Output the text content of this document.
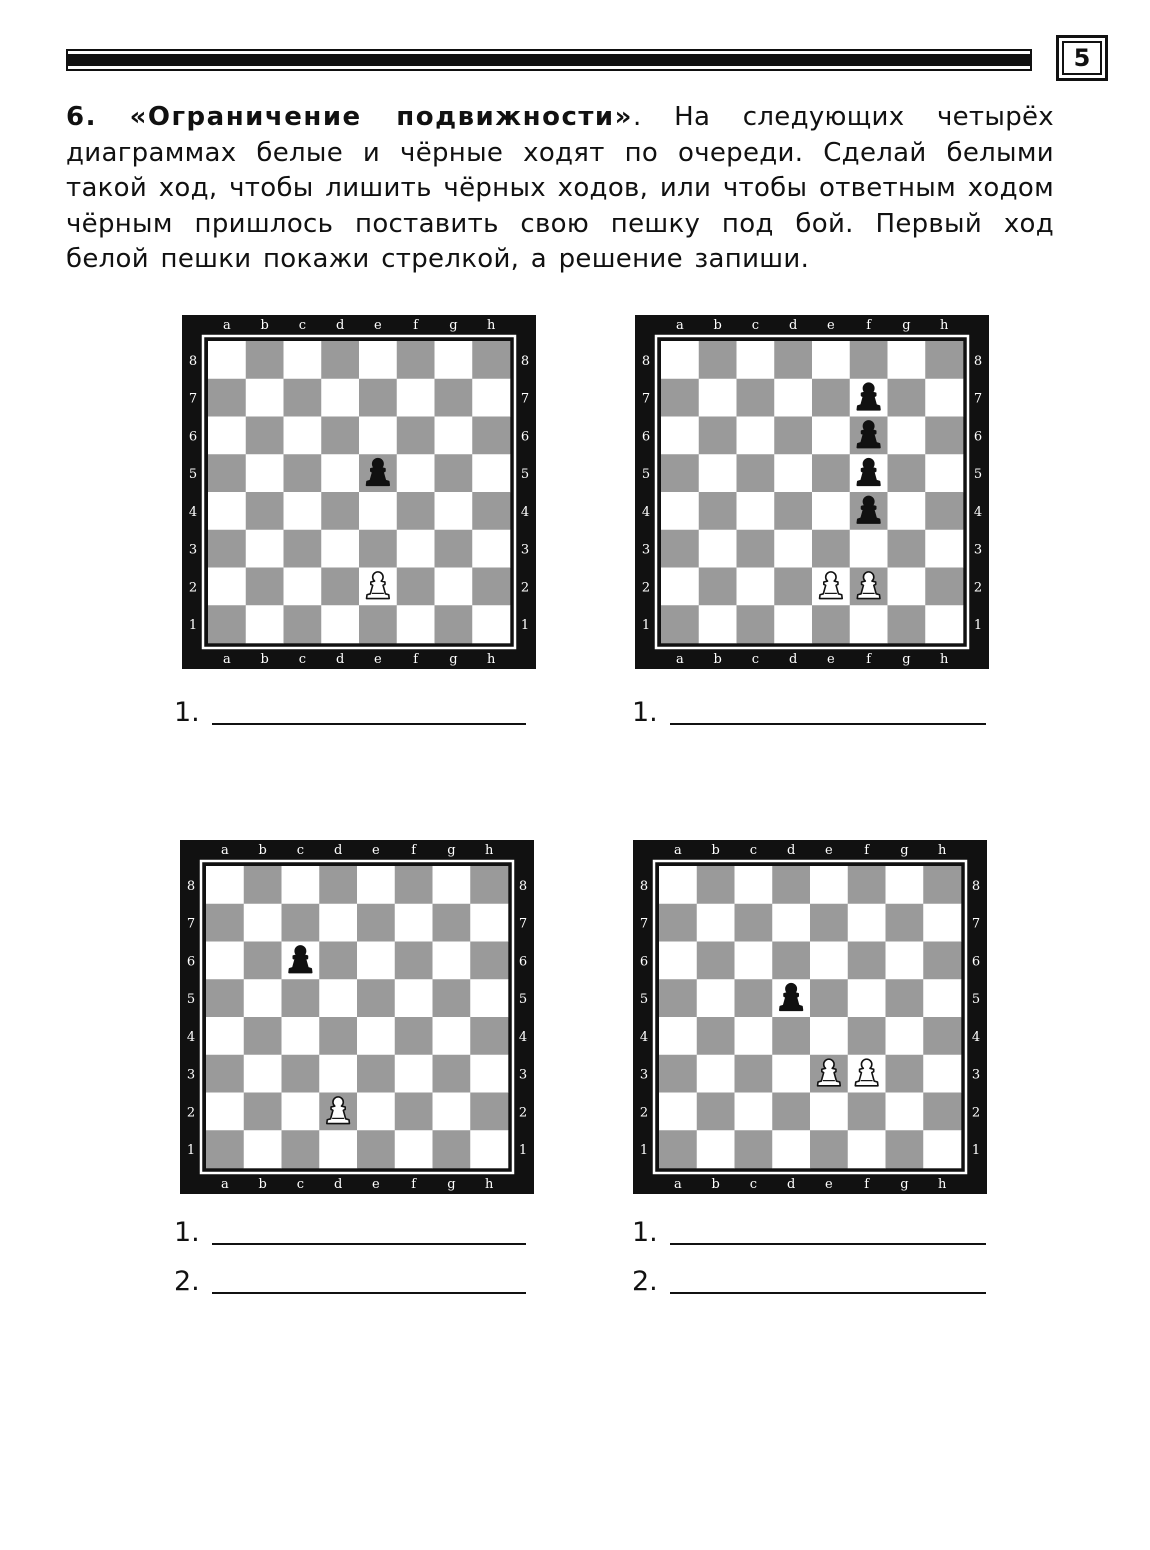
5
6. «Ограничение подвижности». На следующих четырёх диаграммах белые и чёрные ходят по очереди. Сделай белыми такой ход, чтобы лишить чёрных ходов, или чтобы ответным ходом чёрным пришлось поставить свою пешку под бой. Первый ход белой пешки покажи стрелкой, а решение запиши.
a
a
b
b
c
c
d
d
e
e
f
f
g
g
h
h
8	8
7	7
6	6
5	5
4	4
3	3
2	2
1	1
a
a
b
b
c
c
d
d
e
e
f
f
g
g
h
h
8	8
7	7
6	6
5	5
4	4
3	3
2	2
1	1
a
a
b
b
c
c
d
d
e
e
f
f
g
g
h
h
8	8
7	7
6	6
5	5
4	4
3	3
2	2
1	1
a
a
b
b
c
c
d
d
e
e
f
f
g
g
h
h
8	8
7	7
6	6
5	5
4	4
3	3
2	2
1	1
1.	1.
1.
2.
1.
2.
